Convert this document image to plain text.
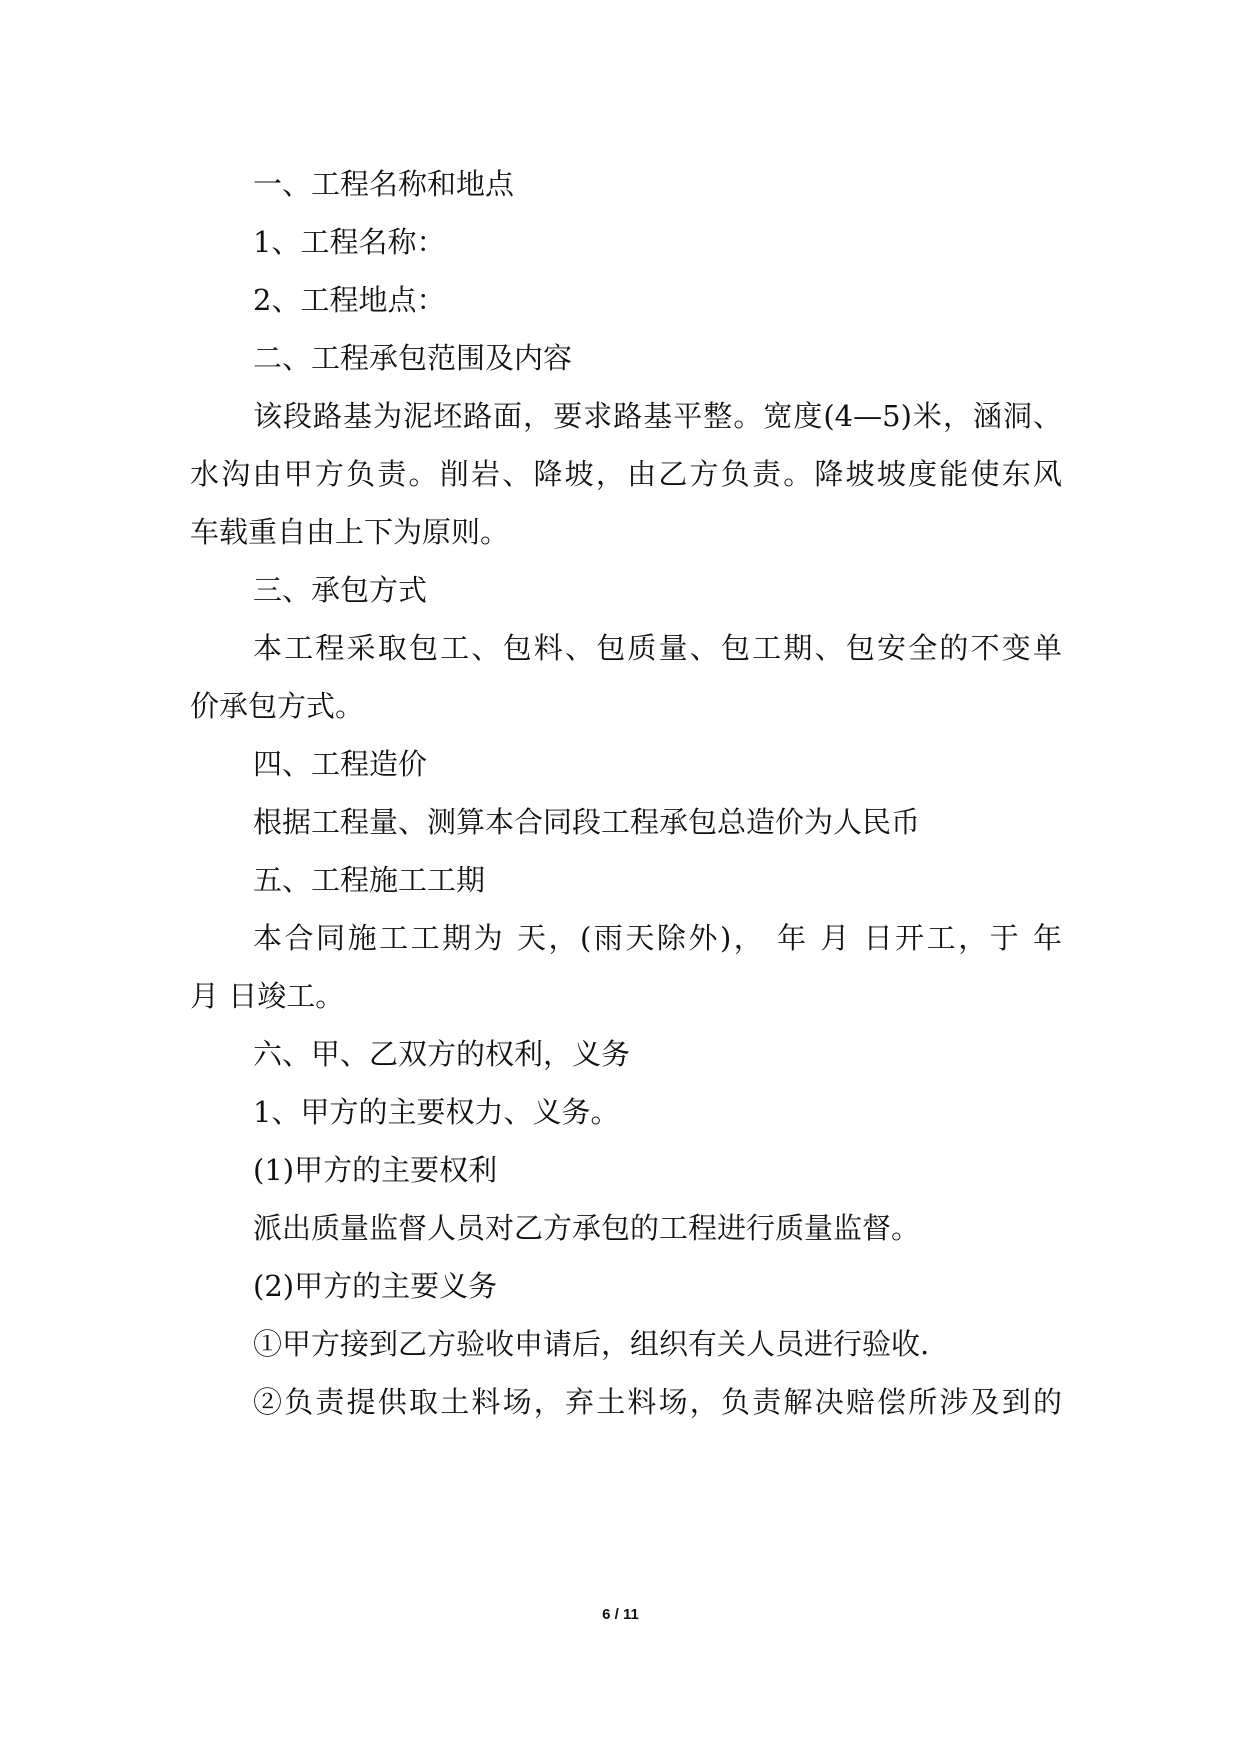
一、工程名称和地点
1、工程名称：
2、工程地点：
二、工程承包范围及内容
该段路基为泥坯路面，要求路基平整。宽度(4—5)米，涵洞、
水沟由甲方负责。削岩、降坡，由乙方负责。降坡坡度能使东风
车载重自由上下为原则。
三、承包方式
本工程采取包工、包料、包质量、包工期、包安全的不变单
价承包方式。
四、工程造价
根据工程量、测算本合同段工程承包总造价为人民币
五、工程施工工期
本合同施工工期为 天，(雨天除外)， 年 月 日开工，于 年
月 日竣工。
六、甲、乙双方的权利，义务
1、甲方的主要权力、义务。
(1)甲方的主要权利
派出质量监督人员对乙方承包的工程进行质量监督。
(2)甲方的主要义务
①甲方接到乙方验收申请后，组织有关人员进行验收.
②负责提供取土料场，弃土料场，负责解决赔偿所涉及到的
6 / 11
